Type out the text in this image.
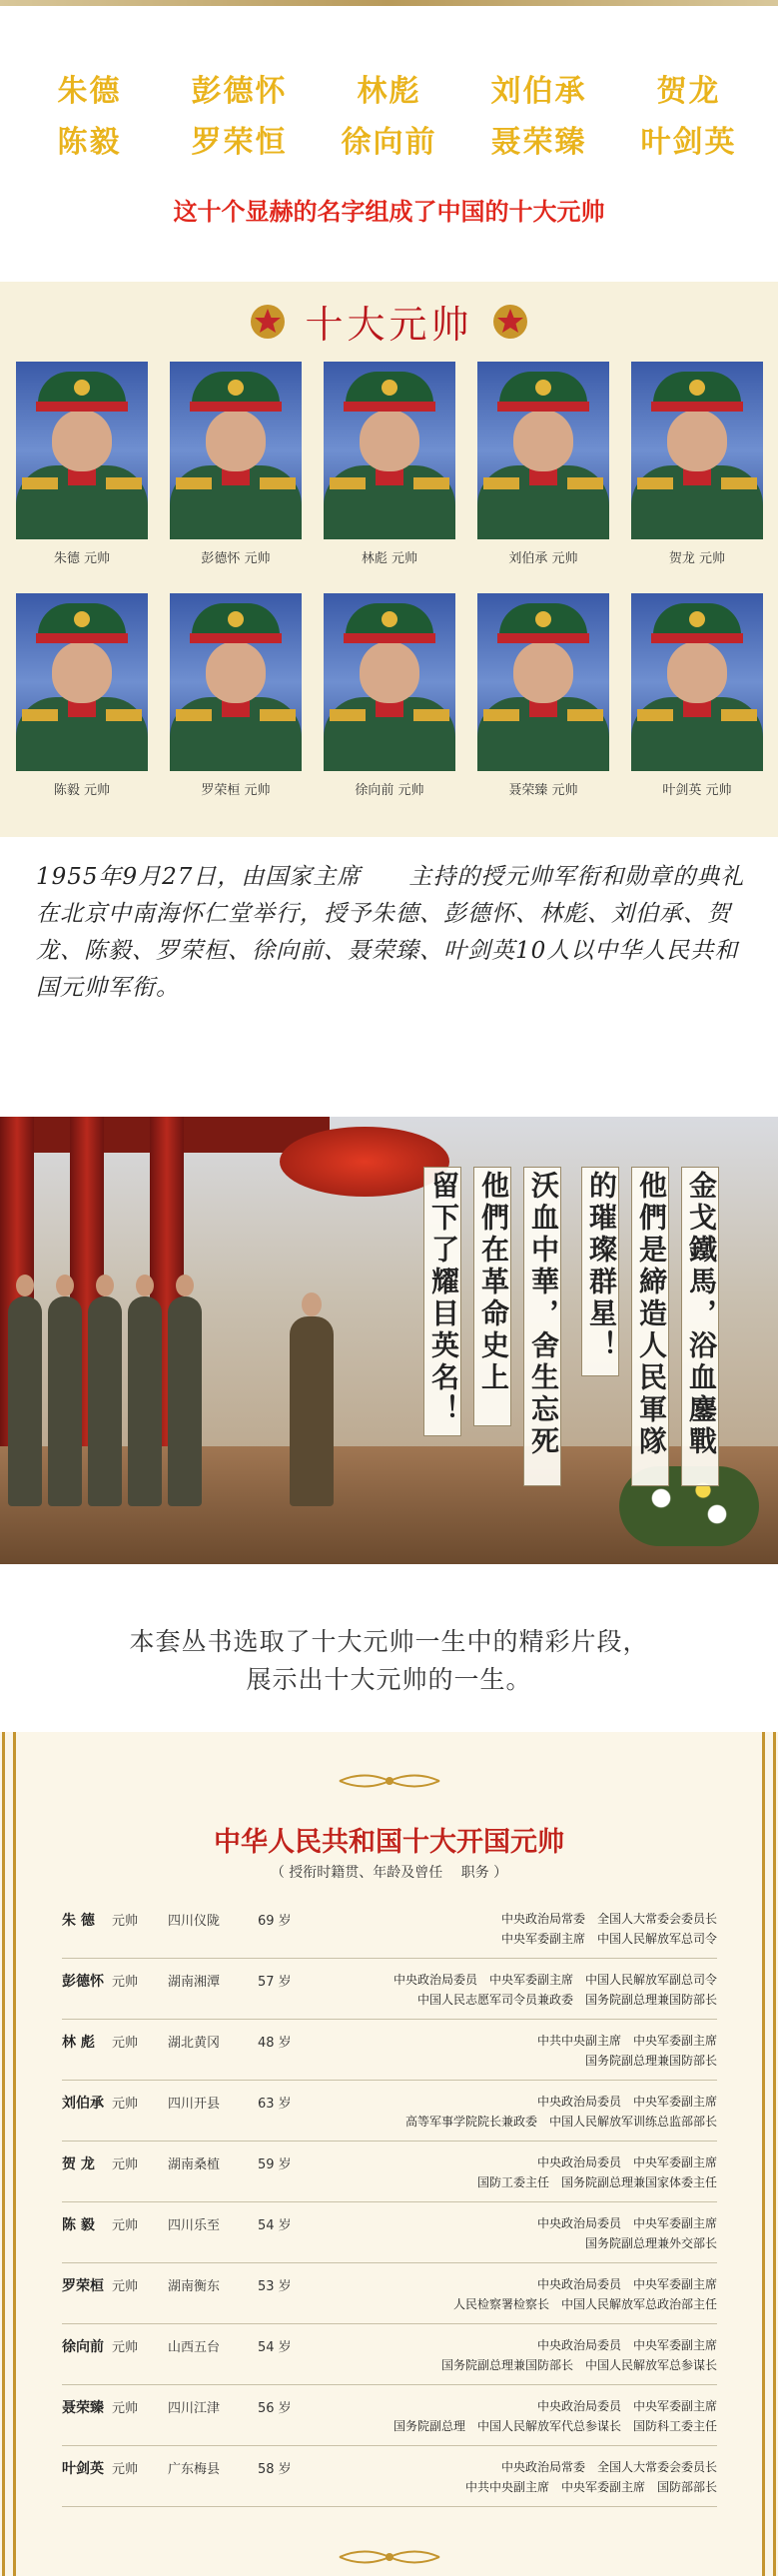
朱德	彭德怀	林彪	刘伯承	贺龙
陈毅	罗荣恒	徐向前	聂荣臻	叶剑英
这十个显赫的名字组成了中国的十大元帅
十大元帅
朱德 元帅	彭德怀 元帅	林彪 元帅	刘伯承 元帅	贺龙 元帅
陈毅 元帅	罗荣桓 元帅	徐向前 元帅	聂荣臻 元帅	叶剑英 元帅

1955年9月27日，由国家主席　　主持的授元帅军衔和勋章的典礼在北京中南海怀仁堂举行，授予朱德、彭德怀、林彪、刘伯承、贺龙、陈毅、罗荣桓、徐向前、聂荣臻、叶剑英10人以中华人民共和国元帅军衔。

金戈鐵馬，浴血鏖戰
他們是締造人民軍隊
的璀璨群星！
沃血中華，舍生忘死
他們在革命史上
留下了耀目英名！
本套丛书选取了十大元帅一生中的精彩片段，
展示出十大元帅的一生。
中华人民共和国十大开国元帅
（ 授衔时籍贯、年龄及曾任　 职务 ）
朱 德	元帅	四川仪陇	69 岁	中央政治局常委　全国人大常委会委员长
中央军委副主席　中国人民解放军总司令
彭德怀 元帅	湖南湘潭	57 岁	中央政治局委员　中央军委副主席　中国人民解放军副总司令
中国人民志愿军司令员兼政委　国务院副总理兼国防部长
林 彪	元帅	湖北黄冈	48 岁	中共中央副主席　中央军委副主席
国务院副总理兼国防部长
刘伯承 元帅	四川开县	63 岁	中央政治局委员　中央军委副主席
高等军事学院院长兼政委　中国人民解放军训练总监部部长
贺 龙	元帅	湖南桑植	59 岁	中央政治局委员　中央军委副主席
国防工委主任　国务院副总理兼国家体委主任
陈 毅	元帅	四川乐至	54 岁	中央政治局委员　中央军委副主席
国务院副总理兼外交部长
罗荣桓 元帅	湖南衡东	53 岁	中央政治局委员　中央军委副主席
人民检察署检察长　中国人民解放军总政治部主任
徐向前 元帅	山西五台	54 岁	中央政治局委员　中央军委副主席
国务院副总理兼国防部长　中国人民解放军总参谋长
聂荣臻 元帅	四川江津	56 岁	中央政治局委员　中央军委副主席
国务院副总理　中国人民解放军代总参谋长　国防科工委主任
叶剑英 元帅	广东梅县	58 岁	中央政治局常委　全国人大常委会委员长
中共中央副主席　中央军委副主席　国防部部长
